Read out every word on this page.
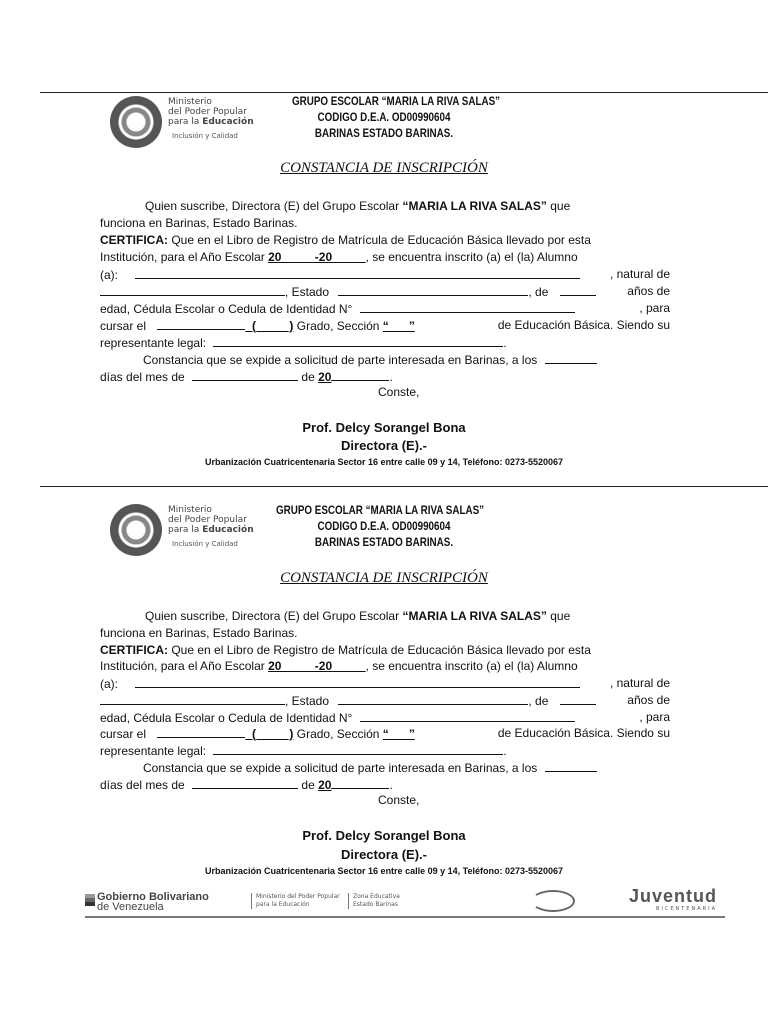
Ministerio
del Poder Popular
para la Educación
Inclusión y Calidad
GRUPO ESCOLAR “MARIA LA RIVA SALAS”
CODIGO D.E.A. OD00990604
BARINAS ESTADO BARINAS.
CONSTANCIA DE INSCRIPCIÓN
Quien suscribe, Directora (E) del Grupo Escolar “MARIA LA RIVA SALAS” que
funciona en Barinas, Estado Barinas.
CERTIFICA: Que en el Libro de Registro de Matrícula de Educación Básica llevado por esta
Institución, para el Año Escolar 20_____-20_____, se encuentra inscrito (a) el (la) Alumno
(a):	, natural de
, Estado	, de	años de
edad, Cédula Escolar o Cedula de Identidad N°	, para
cursar el	_(_____) Grado, Sección “___”	de Educación Básica. Siendo su
representante legal:	.
Constancia que se expide a solicitud de parte interesada en Barinas, a los
días del mes de	de 20	.
Conste,
Prof. Delcy Sorangel Bona
Directora (E).-
Urbanización Cuatricentenaria Sector 16 entre calle 09 y 14, Teléfono: 0273-5520067
Ministerio
del Poder Popular
para la Educación
Inclusión y Calidad
GRUPO ESCOLAR “MARIA LA RIVA SALAS”
CODIGO D.E.A. OD00990604
BARINAS ESTADO BARINAS.
CONSTANCIA DE INSCRIPCIÓN
Quien suscribe, Directora (E) del Grupo Escolar “MARIA LA RIVA SALAS” que
funciona en Barinas, Estado Barinas.
CERTIFICA: Que en el Libro de Registro de Matrícula de Educación Básica llevado por esta
Institución, para el Año Escolar 20_____-20_____, se encuentra inscrito (a) el (la) Alumno
(a):	, natural de
, Estado	, de	años de
edad, Cédula Escolar o Cedula de Identidad N°	, para
cursar el	_(_____) Grado, Sección “___”	de Educación Básica. Siendo su
representante legal:	.
Constancia que se expide a solicitud de parte interesada en Barinas, a los
días del mes de	de 20	.
Conste,
Prof. Delcy Sorangel Bona
Directora (E).-
Urbanización Cuatricentenaria Sector 16 entre calle 09 y 14, Teléfono: 0273-5520067
Gobierno Bolivariano
de Venezuela
Ministerio del Poder Popular
para la Educación
Zona Educativa
Estado Barinas	Juventud
BICENTENARIA
